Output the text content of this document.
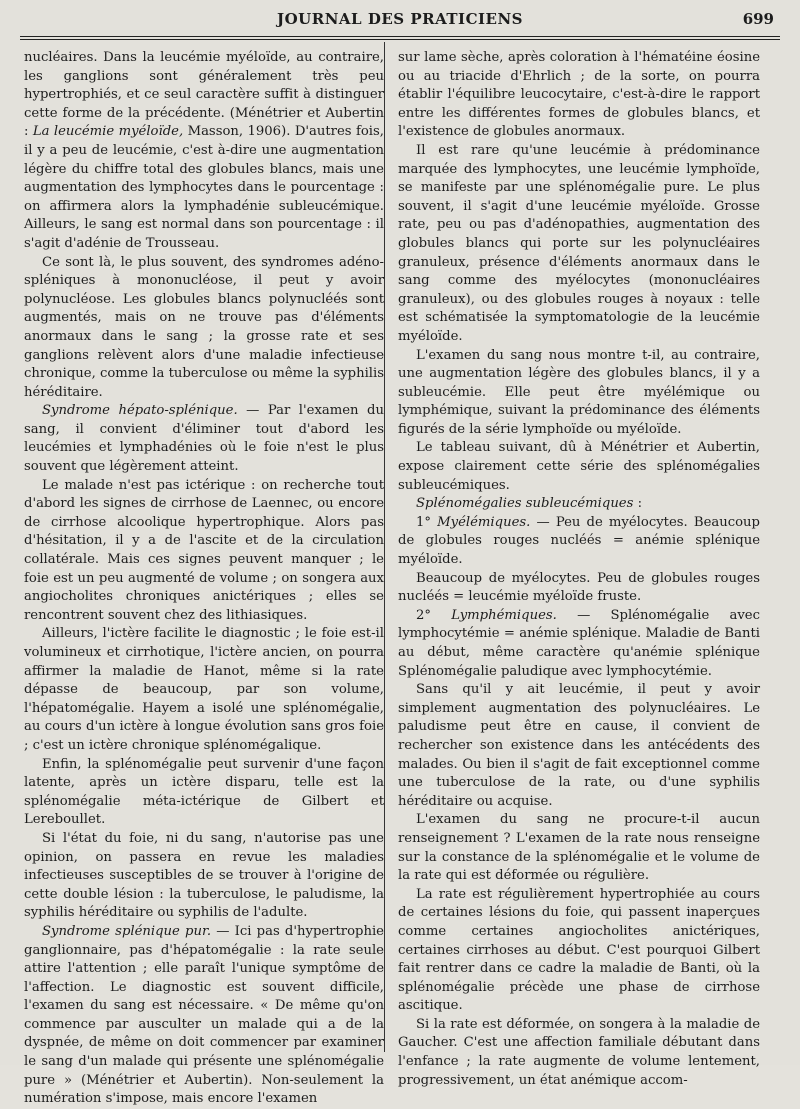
JOURNAL DES PRATICIENS	699

nucléaires. Dans la leucémie myéloïde, au contraire, les ganglions sont généralement très peu hypertrophiés, et ce seul caractère suffit à distinguer cette forme de la précédente. (Ménétrier et Aubertin : La leucémie myéloïde, Masson, 1906). D'autres fois, il y a peu de leucémie, c'est à-dire une augmentation légère du chiffre total des globules blancs, mais une augmentation des lymphocytes dans le pourcentage : on affirmera alors la lymphadénie subleucémique. Ailleurs, le sang est normal dans son pourcentage : il s'agit d'adénie de Trousseau.

Ce sont là, le plus souvent, des syndromes adéno-spléniques à mononucléose, il peut y avoir polynucléose. Les globules blancs polynucléés sont augmentés, mais on ne trouve pas d'éléments anormaux dans le sang ; la grosse rate et ses ganglions relèvent alors d'une maladie infectieuse chronique, comme la tuberculose ou même la syphilis héréditaire.

Syndrome hépato-splénique. — Par l'examen du sang, il convient d'éliminer tout d'abord les leucémies et lymphadénies où le foie n'est le plus souvent que légèrement atteint.

Le malade n'est pas ictérique : on recherche tout d'abord les signes de cirrhose de Laennec, ou encore de cirrhose alcoolique hypertrophique. Alors pas d'hésitation, il y a de l'ascite et de la circulation collatérale. Mais ces signes peuvent manquer ; le foie est un peu augmenté de volume ; on songera aux angiocholites chroniques anictériques ; elles se rencontrent souvent chez des lithiasiques.

Ailleurs, l'ictère facilite le diagnostic ; le foie est-il volumineux et cirrhotique, l'ictère ancien, on pourra affirmer la maladie de Hanot, même si la rate dépasse de beaucoup, par son volume, l'hépatomégalie. Hayem a isolé une splénomégalie, au cours d'un ictère à longue évolution sans gros foie ; c'est un ictère chronique splénomégalique.

Enfin, la splénomégalie peut survenir d'une façon latente, après un ictère disparu, telle est la splénomégalie méta-ictérique de Gilbert et Lereboullet.

Si l'état du foie, ni du sang, n'autorise pas une opinion, on passera en revue les maladies infectieuses susceptibles de se trouver à l'origine de cette double lésion : la tuberculose, le paludisme, la syphilis héréditaire ou syphilis de l'adulte.

Syndrome splénique pur. — Ici pas d'hypertrophie ganglionnaire, pas d'hépatomégalie : la rate seule attire l'attention ; elle paraît l'unique symptôme de l'affection. Le diagnostic est souvent difficile, l'examen du sang est nécessaire. « De même qu'on commence par ausculter un malade qui a de la dyspnée, de même on doit commencer par examiner le sang d'un malade qui présente une splénomégalie pure » (Ménétrier et Aubertin). Non-seulement la numération s'impose, mais encore l'examen

sur lame sèche, après coloration à l'hématéine éosine ou au triacide d'Ehrlich ; de la sorte, on pourra établir l'équilibre leucocytaire, c'est-à-dire le rapport entre les différentes formes de globules blancs, et l'existence de globules anormaux.

Il est rare qu'une leucémie à prédominance marquée des lymphocytes, une leucémie lymphoïde, se manifeste par une splénomégalie pure. Le plus souvent, il s'agit d'une leucémie myéloïde. Grosse rate, peu ou pas d'adénopathies, augmentation des globules blancs qui porte sur les polynucléaires granuleux, présence d'éléments anormaux dans le sang comme des myélocytes (mononucléaires granuleux), ou des globules rouges à noyaux : telle est schématisée la symptomatologie de la leucémie myéloïde.

L'examen du sang nous montre t-il, au contraire, une augmentation légère des globules blancs, il y a subleucémie. Elle peut être myélémique ou lymphémique, suivant la prédominance des éléments figurés de la série lymphoïde ou myéloïde.

Le tableau suivant, dû à Ménétrier et Aubertin, expose clairement cette série des splénomégalies subleucémiques.

Splénomégalies subleucémiques :

1° Myélémiques. — Peu de myélocytes. Beaucoup de globules rouges nucléés = anémie splénique myéloïde.

Beaucoup de myélocytes. Peu de globules rouges nucléés = leucémie myéloïde fruste.

2° Lymphémiques. — Splénomégalie avec lymphocytémie = anémie splénique. Maladie de Banti au début, même caractère qu'anémie splénique Splénomégalie paludique avec lymphocytémie.

Sans qu'il y ait leucémie, il peut y avoir simplement augmentation des polynucléaires. Le paludisme peut être en cause, il convient de rechercher son existence dans les antécédents des malades. Ou bien il s'agit de fait exceptionnel comme une tuberculose de la rate, ou d'une syphilis héréditaire ou acquise.

L'examen du sang ne procure-t-il aucun renseignement ? L'examen de la rate nous renseigne sur la constance de la splénomégalie et le volume de la rate qui est déformée ou régulière.

La rate est régulièrement hypertrophiée au cours de certaines lésions du foie, qui passent inaperçues comme certaines angiocholites anictériques, certaines cirrhoses au début. C'est pourquoi Gilbert fait rentrer dans ce cadre la maladie de Banti, où la splénomégalie précède une phase de cirrhose ascitique.

Si la rate est déformée, on songera à la maladie de Gaucher. C'est une affection familiale débutant dans l'enfance ; la rate augmente de volume lentement, progressivement, un état anémique accom-
